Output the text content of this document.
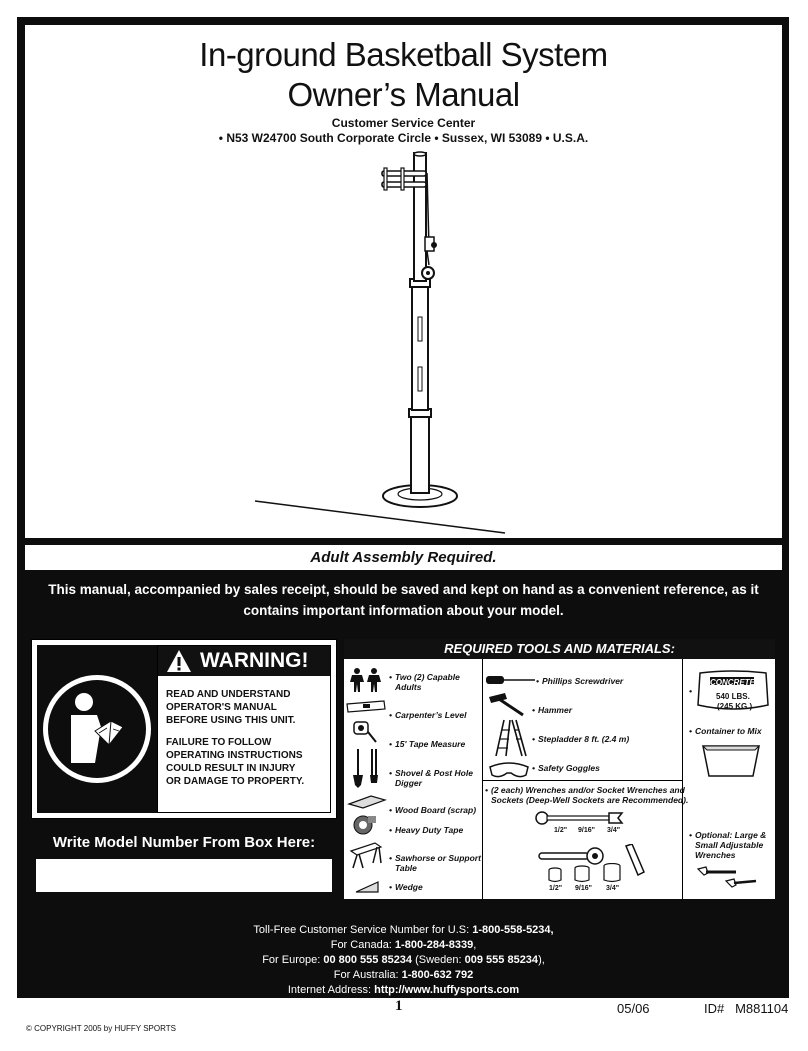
In-ground Basketball System
Owner’s Manual
Customer Service Center
• N53 W24700 South Corporate Circle • Sussex, WI 53089 • U.S.A.
Adult Assembly Required.
This manual, accompanied by sales receipt, should be saved and kept on hand as a convenient reference, as it contains important information about your model.
WARNING!
READ AND UNDERSTAND
OPERATOR'S MANUAL
BEFORE USING THIS UNIT.
FAILURE TO FOLLOW
OPERATING INSTRUCTIONS
COULD RESULT IN INJURY
OR DAMAGE TO PROPERTY.
Write Model Number From Box Here:
REQUIRED TOOLS AND MATERIALS:
• Two (2) Capable
Adults
• Carpenter’s Level
• 15' Tape Measure
• Shovel & Post Hole
Digger
• Wood Board (scrap)
• Heavy Duty Tape
• Sawhorse or Support
Table
• Wedge
• Phillips Screwdriver
• Hammer
• Stepladder 8 ft. (2.4 m)
• Safety Goggles
• (2 each) Wrenches and/or Socket Wrenches and
Sockets (Deep-Well Sockets are Recommended).
1/2" 9/16" 3/4"
1/2" 9/16" 3/4"
•
CONCRETE
540 LBS.
(245 KG.)
• Container to Mix
• Optional: Large &
Small Adjustable
Wrenches
Toll-Free Customer Service Number for U.S: 1-800-558-5234,
For Canada: 1-800-284-8339,
For Europe: 00 800 555 85234 (Sweden: 009 555 85234),
For Australia: 1-800-632 792
Internet Address: http://www.huffysports.com
1	05/06	ID#   M881104
© COPYRIGHT 2005 by HUFFY SPORTS
